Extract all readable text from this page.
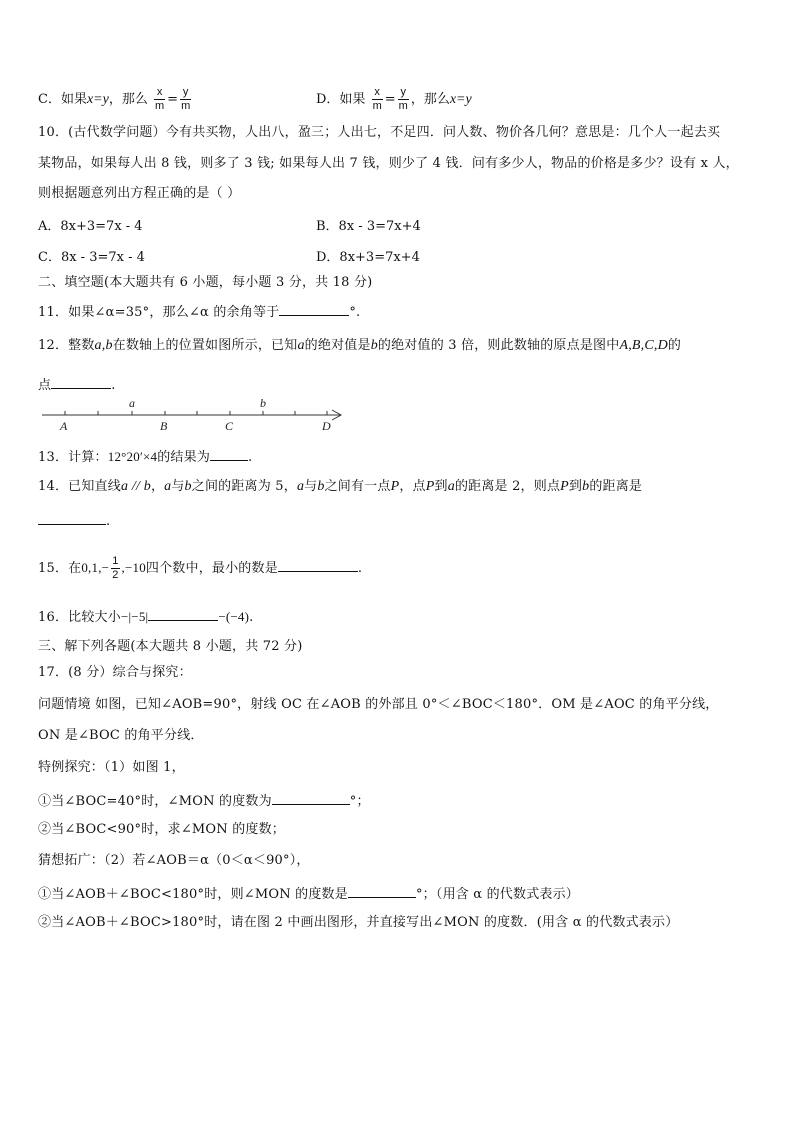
C．如果x=y，那么 $\frac{x}{m} = \frac{y}{m}$	D．如果 $\frac{x}{m} = \frac{y}{m}$ ，那么x=y
10．(古代数学问题）今有共买物，人出八，盈三；人出七，不足四．问人数、物价各几何？意思是：几个人一起去买
某物品，如果每人出 8 钱，则多了 3 钱; 如果每人出 7 钱，则少了 4 钱．问有多少人，物品的价格是多少？设有 x 人，
则根据题意列出方程正确的是（ ）
A．8x+3=7x - 4	B．8x - 3=7x+4
C．8x - 3=7x - 4	D．8x+3=7x+4
二、填空题(本大题共有 6 小题，每小题 3 分，共 18 分)
11．如果∠α=35°，那么∠α 的余角等于	°.
12．整数a,b在数轴上的位置如图所示，已知a的绝对值是b的绝对值的 3 倍，则此数轴的原点是图中A,B,C,D的
点	.
a	b
A	B	C	D
13．计算：12°20′×4的结果为	.
14．已知直线a // b，a与b之间的距离为 5，a与b之间有一点P，点P到a的距离是 2，则点P到b的距离是
.
15．在$0,1,- \frac{1}{2} ,-10$四个数中，最小的数是	.
16．比较大小−|−5|	−(−4).
三、解下列各题(本大题共 8 小题，共 72 分)
17．(8 分）综合与探究：
问题情境 如图，已知∠AOB=90°，射线 OC 在∠AOB 的外部且 0°＜∠BOC＜180°．OM 是∠AOC 的角平分线，
ON 是∠BOC 的角平分线．
特例探究：（1）如图 1，
①当∠BOC=40°时，∠MON 的度数为	°；
②当∠BOC<90°时，求∠MON 的度数；
猜想拓广：（2）若∠AOB＝α（0＜α＜90°），
①当∠AOB＋∠BOC<180°时，则∠MON 的度数是	°；（用含 α 的代数式表示）
②当∠AOB＋∠BOC>180°时，请在图 2 中画出图形，并直接写出∠MON 的度数．(用含 α 的代数式表示）
